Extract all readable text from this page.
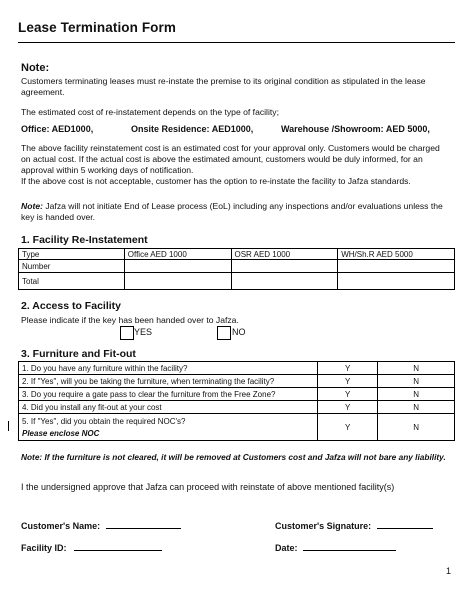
Lease Termination Form
Note:
Customers terminating leases must re-instate the premise to its original condition as stipulated in the lease agreement.
The estimated cost of re-instatement depends on the type of facility;
Office: AED1000,	Onsite Residence: AED1000,	Warehouse /Showroom: AED 5000,
The above facility reinstatement cost is an estimated cost for your approval only. Customers would be charged on actual cost. If the actual cost is above the estimated amount, customers would be duly informed, for an approval within 5 working days of notification.
If the above cost is not acceptable, customer has the option to re-instate the facility to Jafza standards.
Note: Jafza will not initiate End of Lease process (EoL) including any inspections and/or evaluations unless the key is handed over.
1. Facility Re-Instatement
Type	Office AED 1000	OSR AED 1000	WH/Sh.R AED 5000
Number			
Total			
2. Access to Facility
Please indicate if the key has been handed over to Jafza.
YES	NO
3. Furniture and Fit-out
1. Do you have any furniture within the facility?	Y	N
2. If "Yes", will you be taking the furniture, when terminating the facility?	Y	N
3. Do you require a gate pass to clear the furniture from the Free Zone?	Y	N
4. Did you install any fit-out at your cost	Y	N

5. If "Yes", did you obtain the required NOC's?
Please enclose NOC	Y	N
Note: If the furniture is not cleared, it will be removed at Customers cost and Jafza will not bare any liability.
I the undersigned approve that Jafza can proceed with reinstate of above mentioned facility(s)
Customer's Name:	Customer's Signature:
Facility ID:	Date:
1
